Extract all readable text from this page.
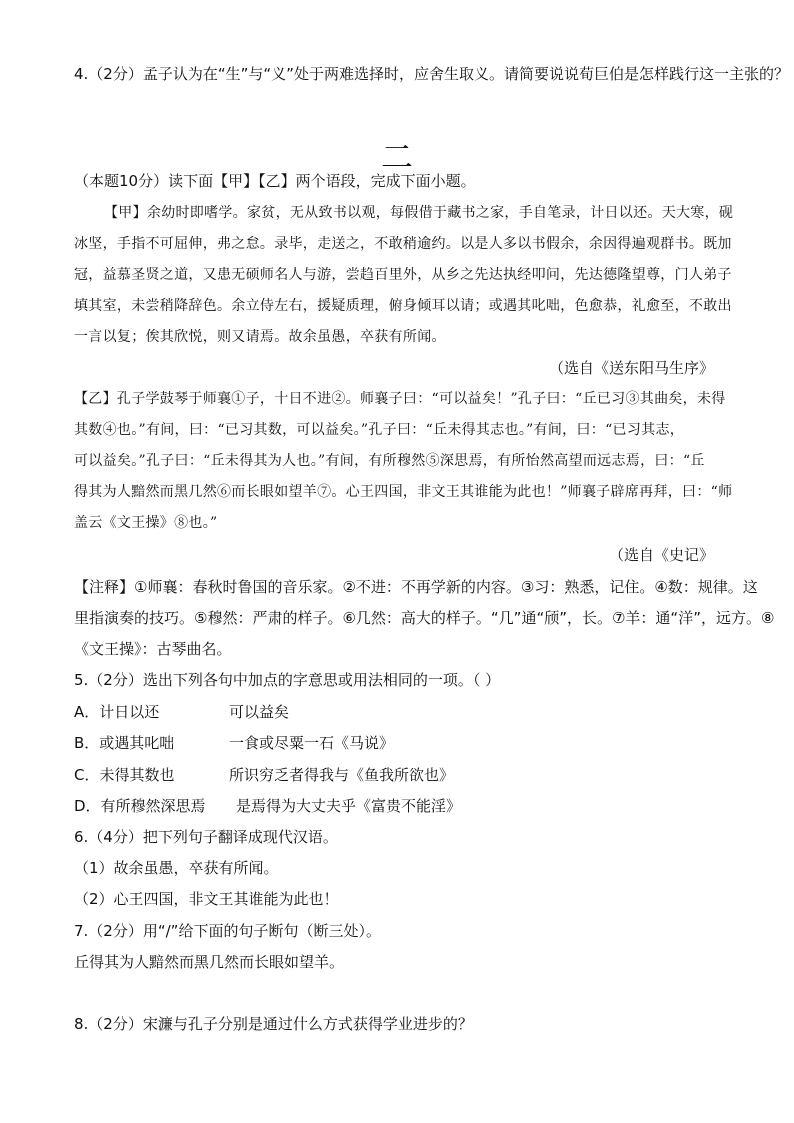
4.（2分）孟子认为在“生”与“义”处于两难选择时，应舍生取义。请简要说说荀巨伯是怎样践行这一主张的？
二
（本题10分）读下面【甲】【乙】两个语段，完成下面小题。
【甲】余幼时即嗜学。家贫，无从致书以观，每假借于藏书之家，手自笔录，计日以还。天大寒，砚
冰坚，手指不可屈伸，弗之怠。录毕，走送之，不敢稍逾约。以是人多以书假余，余因得遍观群书。既加
冠，益慕圣贤之道，又患无硕师名人与游，尝趋百里外，从乡之先达执经叩问，先达德隆望尊，门人弟子
填其室，未尝稍降辞色。余立侍左右，援疑质理，俯身倾耳以请；或遇其叱咄，色愈恭，礼愈至，不敢出
一言以复；俟其欣悦，则又请焉。故余虽愚，卒获有所闻。
（选自《送东阳马生序》
【乙】孔子学鼓琴于师襄①子，十日不进②。师襄子曰：“可以益矣！”孔子曰：“丘已习③其曲矣，未得
其数④也。”有间，曰：“已习其数，可以益矣。”孔子曰：“丘未得其志也。”有间，曰：“已习其志，
可以益矣。”孔子曰：“丘未得其为人也。”有间，有所穆然⑤深思焉，有所怡然高望而远志焉，曰：“丘
得其为人黯然而黑几然⑥而长眼如望羊⑦。心王四国，非文王其谁能为此也！”师襄子辟席再拜，曰：“师
盖云《文王操》⑧也。”
（选自《史记》
【注释】①师襄：春秋时鲁国的音乐家。②不进：不再学新的内容。③习：熟悉，记住。④数：规律。这
里指演奏的技巧。⑤穆然：严肃的样子。⑥几然：高大的样子。“几”通“颀”，长。⑦羊：通“洋”，远方。⑧
《文王操》：古琴曲名。
5.（2分）选出下列各句中加点的字意思或用法相同的一项。（ ）
A．计日以还	可以益矣
B．或遇其叱咄	一食或尽粟一石《马说》
C．未得其数也	所识穷乏者得我与《鱼我所欲也》
D．有所穆然深思焉	是焉得为大丈夫乎《富贵不能淫》
6.（4分）把下列句子翻译成现代汉语。
（1）故余虽愚，卒获有所闻。
（2）心王四国，非文王其谁能为此也！
7.（2分）用“/”给下面的句子断句（断三处）。
丘得其为人黯然而黑几然而长眼如望羊。
8.（2分）宋濂与孔子分别是通过什么方式获得学业进步的？
